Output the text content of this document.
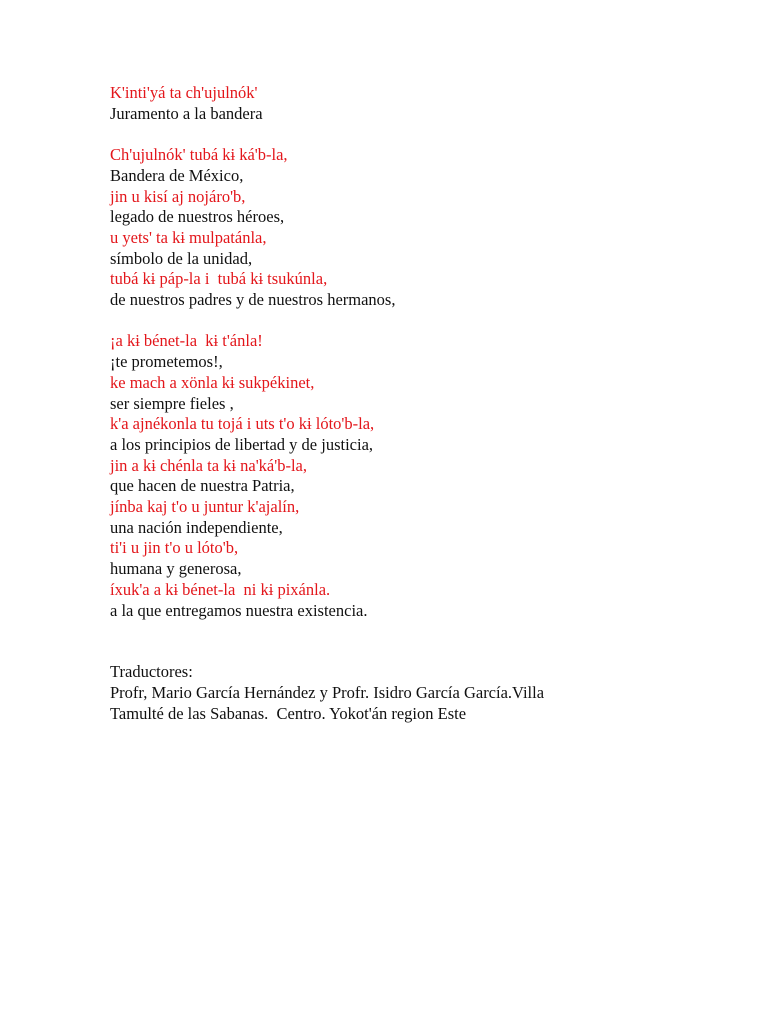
K'inti'yá ta ch'ujulnók'
Juramento a la bandera
Ch'ujulnók' tubá kɨ ká'b-la,
Bandera de México,
jin u kisí aj nojáro'b,
legado de nuestros héroes,
u yets' ta kɨ mulpatánla,
símbolo de la unidad,
tubá kɨ páp-la i  tubá kɨ tsukúnla,
de nuestros padres y de nuestros hermanos,
¡a kɨ bénet-la  kɨ t'ánla!
¡te prometemos!,
ke mach a xönla kɨ sukpékinet,
ser siempre fieles ,
k'a ajnékonla tu tojá i uts t'o kɨ lóto'b-la,
a los principios de libertad y de justicia,
jin a kɨ chénla ta kɨ na'ká'b-la,
que hacen de nuestra Patria,
jínba kaj t'o u juntur k'ajalín,
una nación independiente,
ti'i u jin t'o u lóto'b,
humana y generosa,
íxuk'a a kɨ bénet-la  ni kɨ pixánla.
a la que entregamos nuestra existencia.
Traductores:
Profr, Mario García Hernández y Profr. Isidro García García.Villa
Tamulté de las Sabanas.  Centro. Yokot'án region Este
